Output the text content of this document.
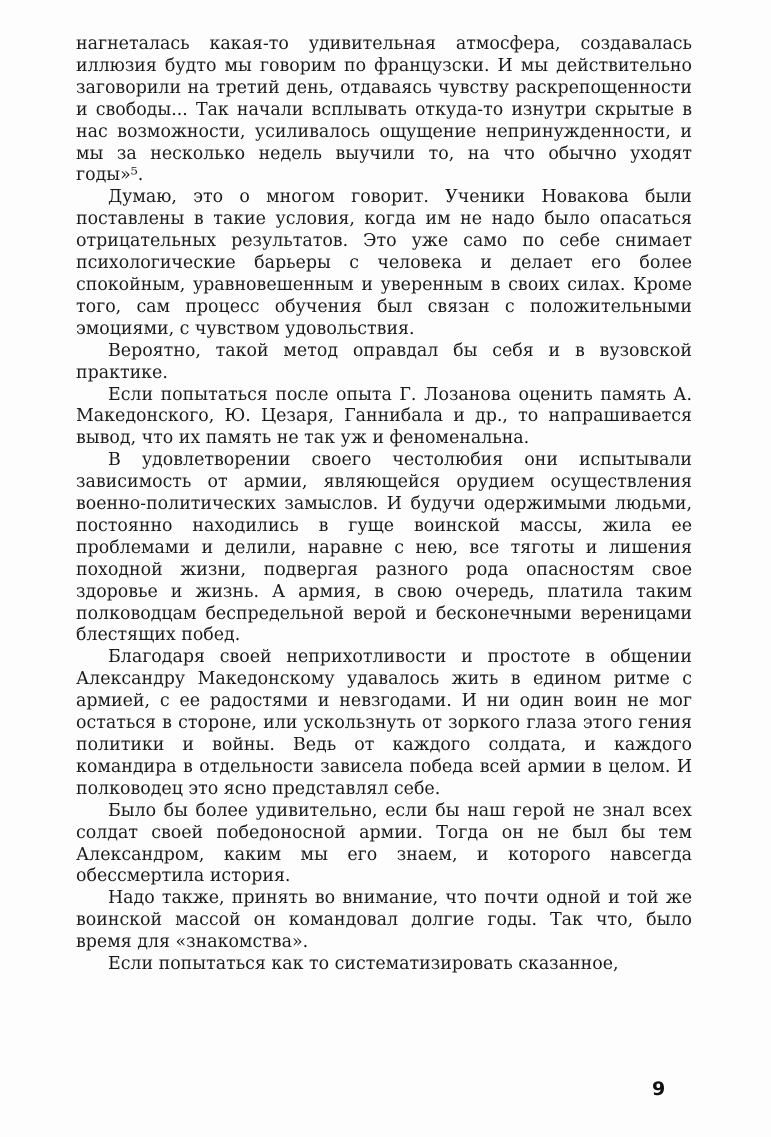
нагнеталась какая-то удивительная атмосфера, создавалась иллюзия будто мы говорим по французски. И мы действительно заговорили на третий день, отдаваясь чувству раскрепощенности и свободы... Так начали всплывать откуда-то изнутри скрытые в нас возможности, усиливалось ощущение непринужденности, и мы за несколько недель выучили то, на что обычно уходят годы»⁵.

Думаю, это о многом говорит. Ученики Новакова были поставлены в такие условия, когда им не надо было опасаться отрицательных результатов. Это уже само по себе снимает психологические барьеры с человека и делает его более спокойным, уравновешенным и уверенным в своих силах. Кроме того, сам процесс обучения был связан с положительными эмоциями, с чувством удовольствия.

Вероятно, такой метод оправдал бы себя и в вузовской практике.

Если попытаться после опыта Г. Лозанова оценить память А. Македонского, Ю. Цезаря, Ганнибала и др., то напрашивается вывод, что их память не так уж и феноменальна.

В удовлетворении своего честолюбия они испытывали зависимость от армии, являющейся орудием осуществления военно-политических замыслов. И будучи одержимыми людьми, постоянно находились в гуще воинской массы, жила ее проблемами и делили, наравне с нею, все тяготы и лишения походной жизни, подвергая разного рода опасностям свое здоровье и жизнь. А армия, в свою очередь, платила таким полководцам беспредельной верой и бесконечными вереницами блестящих побед.

Благодаря своей неприхотливости и простоте в общении Александру Македонскому удавалось жить в едином ритме с армией, с ее радостями и невзгодами. И ни один воин не мог остаться в стороне, или ускользнуть от зоркого глаза этого гения политики и войны. Ведь от каждого солдата, и каждого командира в отдельности зависела победа всей армии в целом. И полководец это ясно представлял себе.

Было бы более удивительно, если бы наш герой не знал всех солдат своей победоносной армии. Тогда он не был бы тем Александром, каким мы его знаем, и которого навсегда обессмертила история.

Надо также, принять во внимание, что почти одной и той же воинской массой он командовал долгие годы. Так что, было время для «знакомства».

Если попытаться как то систематизировать сказанное,

9
